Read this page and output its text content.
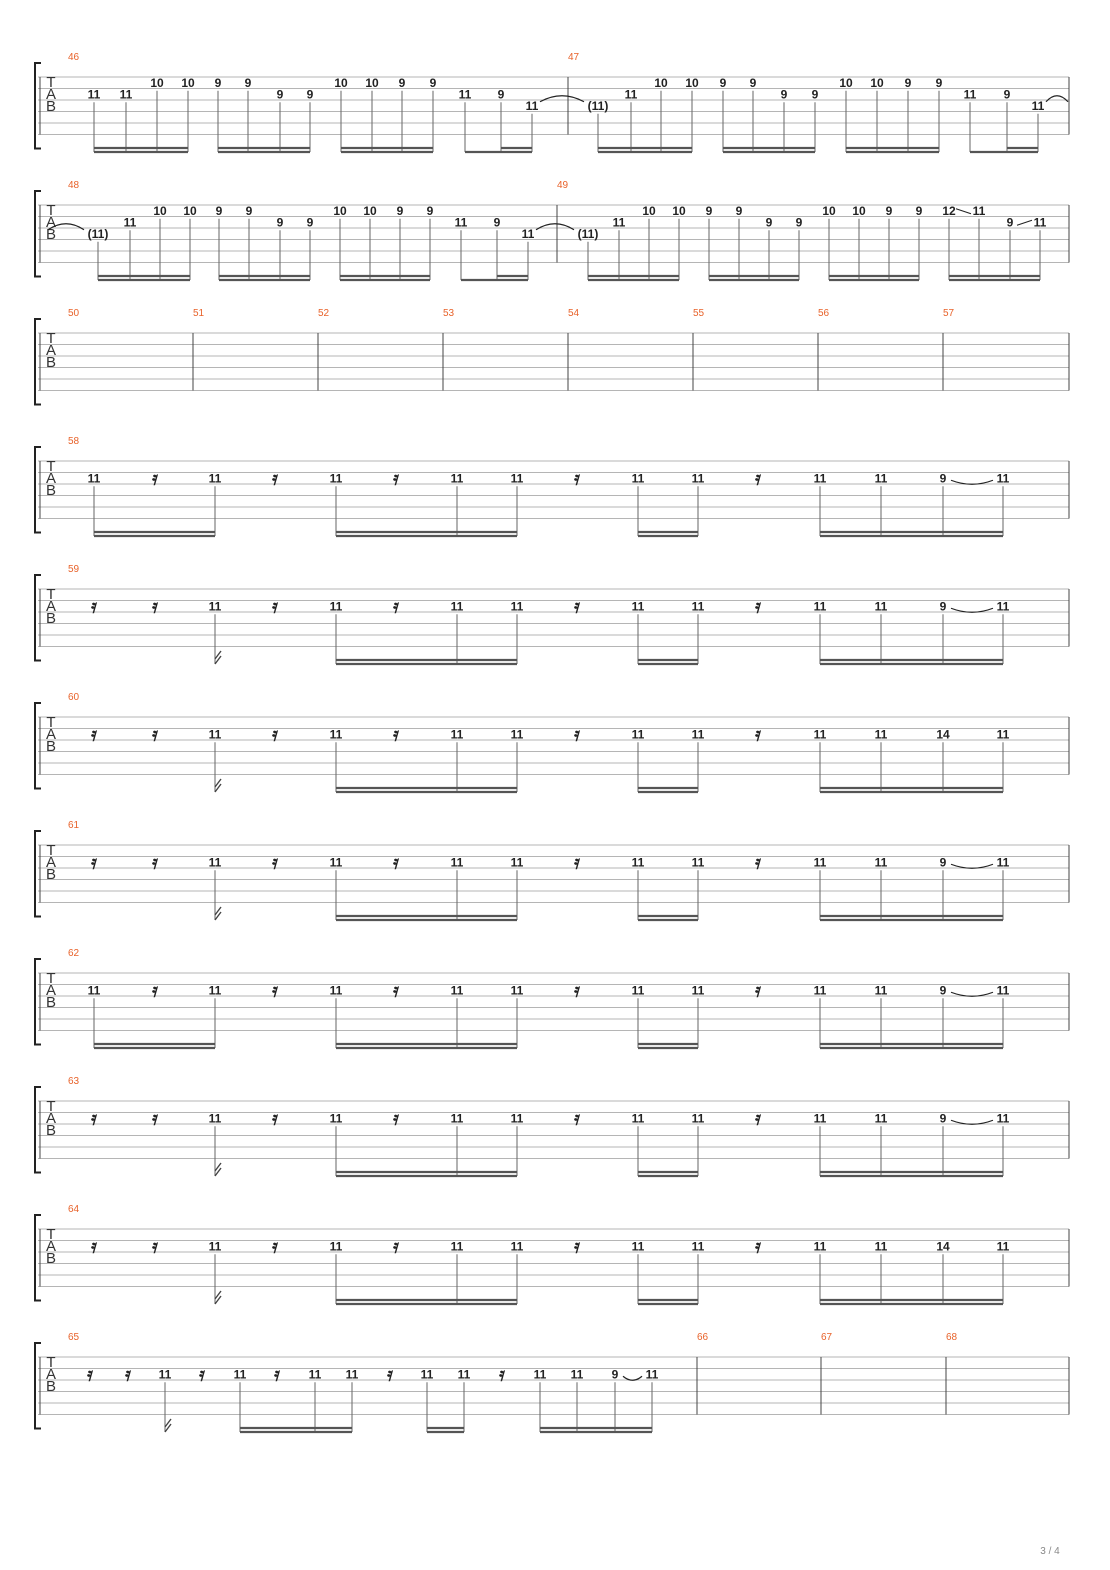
T
A
B
46	47
11 11
10 10 9 9
9 9
10 10 9 9
11 9
11	(11)
11
10 10 9 9
9 9
10 10 9 9
11 9
11
T
A
B
48	49
(11)
11
10 10 9 9
9 9
10 10 9 9
11 9
11	(11)
11
10 10 9 9
9 9
10 10 9 9 12 11
9 11
T
A
B
50	51	52	53	54	55	56	57
T
A
B
58
11	𝄿	11	𝄿	11	𝄿	11	11	𝄿	11	11	𝄿	11	11	9	11
T
A
B
59
𝄿	𝄿	11	𝄿	11	𝄿	11	11	𝄿	11	11	𝄿	11	11	9	11
T
A
B
60
𝄿	𝄿	11	𝄿	11	𝄿	11	11	𝄿	11	11	𝄿	11	11	14	11
T
A
B
61
𝄿	𝄿	11	𝄿	11	𝄿	11	11	𝄿	11	11	𝄿	11	11	9	11
T
A
B
62
11	𝄿	11	𝄿	11	𝄿	11	11	𝄿	11	11	𝄿	11	11	9	11
T
A
B
63
𝄿	𝄿	11	𝄿	11	𝄿	11	11	𝄿	11	11	𝄿	11	11	9	11
T
A
B
64
𝄿	𝄿	11	𝄿	11	𝄿	11	11	𝄿	11	11	𝄿	11	11	14	11
T
A
B
65	66	67	68
𝄿 𝄿 11 𝄿 11 𝄿 11 11 𝄿 11 11 𝄿 11 11 9 11
3 / 4
